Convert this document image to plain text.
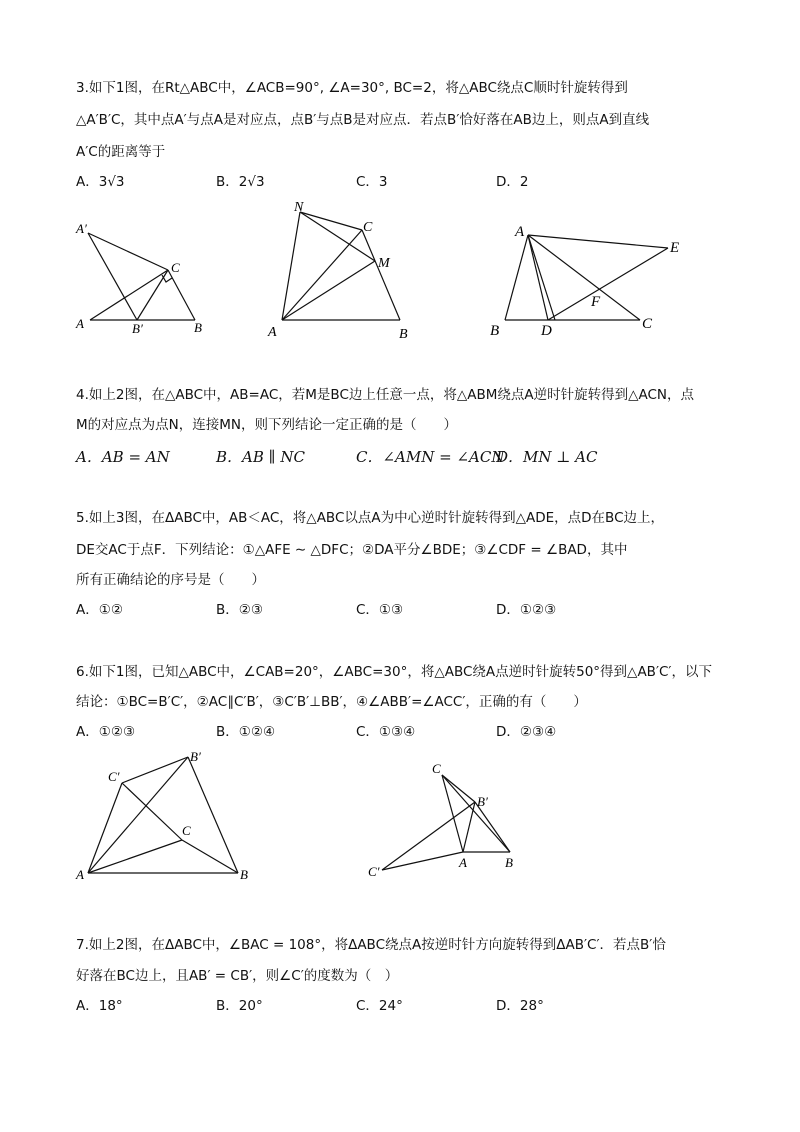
3.如下1图，在Rt△ABC中，∠ACB=90°, ∠A=30°, BC=2，将△ABC绕点C顺时针旋转得到
△A′B′C，其中点A′与点A是对应点，点B′与点B是对应点．若点B′恰好落在AB边上，则点A到直线
A′C的距离等于
A．3√3	B．2√3	C．3	D．2
A′
C
A	B′	B
N
C
M
A	B
A
E
F
B	D	C
4.如上2图，在△ABC中，AB=AC，若M是BC边上任意一点，将△ABM绕点A逆时针旋转得到△ACN，点
M的对应点为点N，连接MN，则下列结论一定正确的是（　　）
A．AB = AN	B．AB ∥ NC	C．∠AMN = ∠ACN
D．MN ⊥ AC
5.如上3图，在ΔABC中，AB＜AC，将△ABC以点A为中心逆时针旋转得到△ADE，点D在BC边上，
DE交AC于点F．下列结论：①△AFE ∼ △DFC；②DA平分∠BDE；③∠CDF = ∠BAD，其中
所有正确结论的序号是（　　）
A．①②	B．②③	C．①③	D．①②③
6.如下1图，已知△ABC中，∠CAB=20°，∠ABC=30°，将△ABC绕A点逆时针旋转50°得到△AB′C′，以下
结论：①BC=B′C′，②AC∥C′B′，③C′B′⊥BB′，④∠ABB′=∠ACC′，正确的有（　　）
A．①②③	B．①②④	C．①③④	D．②③④
B′
C′
C
A	B
C
B′
A	B
C′
7.如上2图，在ΔABC中，∠BAC = 108°，将ΔABC绕点A按逆时针方向旋转得到ΔAB′C′．若点B′恰
好落在BC边上，且AB′ = CB′，则∠C′的度数为（　）
A．18°	B．20°	C．24°	D．28°
